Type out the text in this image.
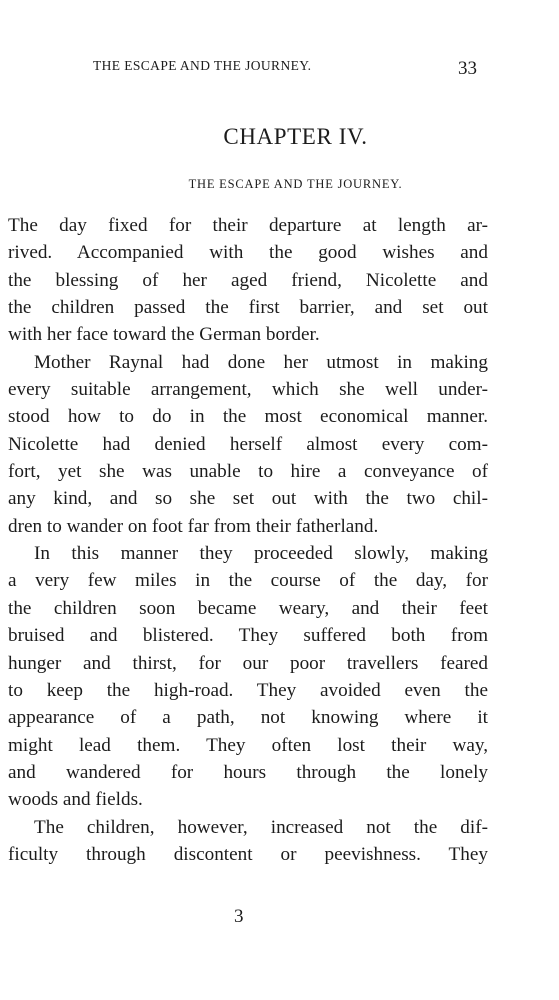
THE ESCAPE AND THE JOURNEY.	33
CHAPTER IV.
THE ESCAPE AND THE JOURNEY.
The day fixed for their departure at length ar-
rived. Accompanied with the good wishes and
the blessing of her aged friend, Nicolette and
the children passed the first barrier, and set out
with her face toward the German border.
Mother Raynal had done her utmost in making
every suitable arrangement, which she well under-
stood how to do in the most economical manner.
Nicolette had denied herself almost every com-
fort, yet she was unable to hire a conveyance of
any kind, and so she set out with the two chil-
dren to wander on foot far from their fatherland.
In this manner they proceeded slowly, making
a very few miles in the course of the day, for
the children soon became weary, and their feet
bruised and blistered. They suffered both from
hunger and thirst, for our poor travellers feared
to keep the high-road. They avoided even the
appearance of a path, not knowing where it
might lead them. They often lost their way,
and wandered for hours through the lonely
woods and fields.
The children, however, increased not the dif-
ficulty through discontent or peevishness. They
3
